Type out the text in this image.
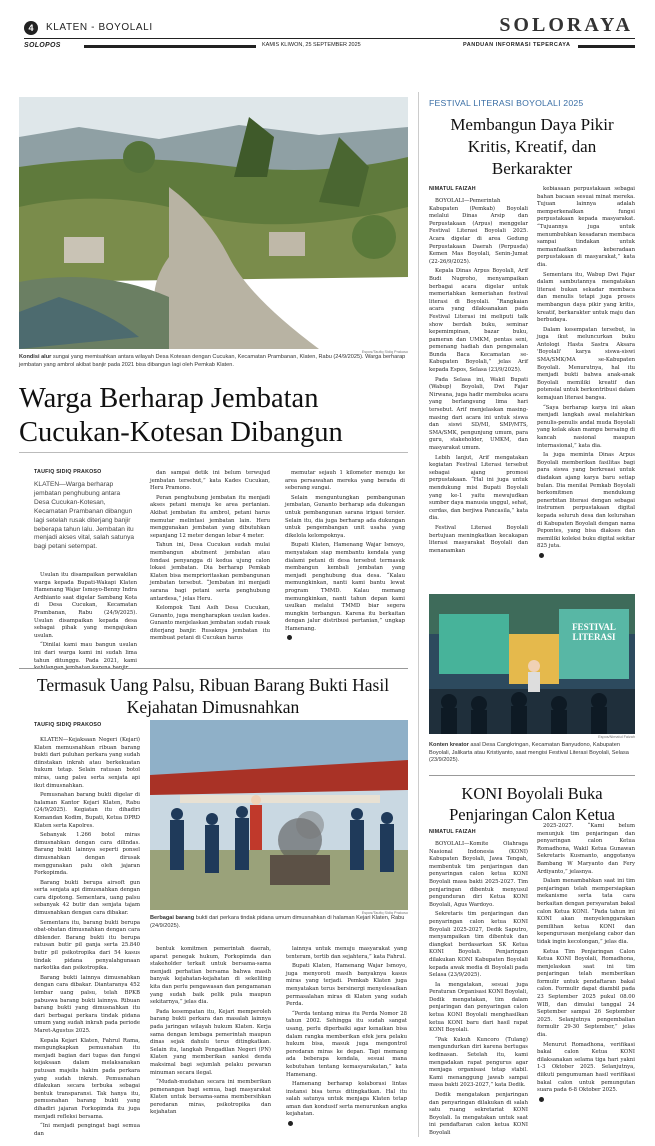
4	KLATEN - BOYOLALI	SOLORAYA
SOLOPOS	KAMIS KLIWON, 25 SEPTEMBER 2025	PANDUAN INFORMASI TEPERCAYA
Espos/Taufiq Sidiq Prakoso
Kondisi alur sungai yang memisahkan antara wilayah Desa Kotesan dengan Cucukan, Kecamatan Prambanan, Klaten, Rabu (24/9/2025). Warga berharap jembatan yang ambrol akibat banjir pada 2021 bisa dibangun lagi oleh Pemkab Klaten.
Warga Berharap Jembatan Cucukan-Kotesan Dibangun
TAUFIQ SIDIQ PRAKOSO
KLATEN—Warga berharap jembatan penghubung antara Desa Cucukan-Kotesan, Kecamatan Prambanan dibangun lagi setelah rusak diterjang banjir beberapa tahun lalu. Jembatan itu menjadi akses vital, salah satunya bagi petani setempat.

Usulan itu disampaikan perwakilan warga kepada Bupati-Wakapi Klaten Hamenang Wajar Ismoyo-Benny Indra Ardhianto saat digelar Sambang Kota di Desa Cucukan, Kecamatan Prambanan, Rabu (24/9/2025). Usulan disampaikan kepada desa sebagai pihak yang mengajukan usulan.

“Dinilai kami mau bangun usulan ini dari warga kami ini sudah lima tahun ditunggu. Pada 2021, kami

dan sampai detik ini belum terwujud jembatan tersebut,” kata Kades Cucukan, Heru Pramono.

Peran penghubung jembatan itu menjadi akses petani menuju ke area pertanian. Akibat jembatan itu ambrol, petani harus memutar melintasi jembatan lain. Heru menggunakan jembatan yang dibutuhkan sepanjang 12 meter dengan lebar 4 meter.

Tahun ini, Desa Cucukan sudah mulai membangun abutment jembatan atau fondasi penyangga di kedua ujung calon lokasi jembatan. Dia berharap Pemkab Klaten bisa memprioritaskan pembangunan jembatan tersebut. “Jembatan ini menjadi sarana bagi petani serta penghubung antardesa,” jelas Heru.

Kelompok Tani Asih Desa Cucukan, Gunanto, juga mengharapkan usulan kades. Gunanto menjelaskan jembatan sudah rusak diterjang banjir. Rusaknya jembatan itu membuat petani di Cucukan harus

memutar sejauh 1 kilometer menuju ke area persawahan mereka yang berada di seberang sungai.

Selain menguntungkan pembangunan jembatan, Gunanto berharap ada dukungan untuk pembangunan sarana irigasi tersier. Selain itu, dia juga berharap ada dukungan untuk pengembangan unit usaha yang dikelola kelompoknya.

Bupati Klaten, Hamenang Wajar Ismoyo, menyatakan siap membantu kendala yang dialami petani di desa tersebut termasuk membangun kembali jembatan yang menjadi penghubung dua desa. “Kalau memungkinkan, nanti kami bantu lewat program TMMD. Kalau memang memungkinkan, nanti tahun depan kami usulkan melalui TMMD biar segera mungkin terbangun. Karena itu berkaitan dengan jalur distribusi pertanian,” ungkap Hamenang.

Termasuk Uang Palsu, Ribuan Barang Bukti Hasil Kejahatan Dimusnahkan
TAUFIQ SIDIQ PRAKOSO

KLATEN—Kejaksaan Negeri (Kejari) Klaten memusnahkan ribuan barang bukti dari puluhan perkara yang sudah diinstakan inkrah atau berkekuatan hukum tetap. Selain ratusan botol miras, uang palsu serta senjata api ikut dimusnahkan.

Pemusnahan barang bukti digelar di halaman Kantor Kejari Klaten, Rabu (24/9/2025). Kegiatan itu dihadiri Komandan Kodim, Bupati, Ketua DPRD Klaten serta Kapolres.

Sebanyak 1.266 botol miras dimusnahkan dengan cara dilindas. Barang bukti lainnya seperti ponsel dimusnahkan dengan dirusak menggunakan palu oleh jajaran Forkopimda.

Barang bukti berupa airsoft gun serta senjata api dimusnahkan dengan cara dipotong. Sementara, uang palsu sebanyak 42 butir dan senjata tajam dimusnahkan dengan cara dibakar.

Sementara itu, barang bukti berupa obat-obatan dimusnahkan dengan cara diblender. Barang bukti itu berupa ratusan butir pil ganja serta 25.840 butir pil psikotropika dari 54 kasus tindak pidana penyalahgunaan narkotika dan psikotropika.

Barang bukti lainnya dimusnahkan dengan cara dibakar. Diantaranya 452 lembar uang palsu, telah BPKB pabuswa barang bukti lainnya. Ribuan barang bukti yang dimusnahkan itu dari berbagai perkara tindak pidana umum yang sudah inkrah pada periode Maret-Agustus 2025.

Kepala Kejari Klaten, Fahrul Rama, mengungkapkan pemusnahan itu menjadi bagian dari tugas dan fungsi kejaksaan dalam melaksanakan putusan majelis hakim pada perkara yang sudah inkrah. Pemusnahan dilakukan secara terbuka sebagai bentuk transparansi. Tak hanya itu, pemusnahan barang bukti yang dihadiri jajaran Forkopimda itu juga menjadi refleksi bersama.

“Ini menjadi pengingat bagi semua dan

Espos/Taufiq Sidiq Prakoso
Berbagai barang bukti dari perkara tindak pidana umum dimusnahkan di halaman Kejari Klaten, Rabu (24/9/2025).

bentuk komitmen pemerintah daerah, aparat penegak hukum, Forkopimda dan stakeholder terkait untuk bersama-sama menjadi perhatian bersama bahwa masih banyak kejahatan-kejahatan di sekeliling kita dan perlu pengawasan dan pengamanan yang sudah baik pelik pula maupun sekitarnya,” jelas dia.

Pada kesempatan itu, Kejari memperoleh barang bukti perkara dan masalah lainnya pada jaringan wilayah hukum Klaten. Kerja sama dengan lembaga pemerintah maupun dinas sejak dahulu terus ditingkatkan. Selain itu, langkah Pengadilan Negeri (PN) Klaten yang memberikan sanksi denda maksimal bagi sejumlah pelaku pewaran minuman secara ilegal.

“Mudah-mudahan secara ini memberikan pemenangan bagi semua, bagi masyarakat Klaten untuk bersama-sama membersihkan peredaran miras, psikotropika dan kejahatan

lainnya untuk menuju masyarakat yang tenteram, tertib dan sejahtera,” kata Fahrul.

Bupati Klaten, Hamenang Wajar Ismoyo, juga menyoroti masih banyaknya kasus miras yang terjadi. Pemkab Klaten juga menyatakan terus bersinergi menyelesaikan permasalahan miras di Klaten yang sudah Perda.

“Perda tentang miras itu Perda Nomor 28 tahun 2002. Sehingga itu sudah sangat usang, perlu diperbaiki agar kenaikan bisa dalam rangka memberikan efek jera pelaku hukum bisa, masuk juga mengontrol peredaran miras ke depan. Tapi memang ada beberapa kendala, sesuai mana kebutuhan tentang kemasyarakatan,” kata Hamenang.

Hamenang berharap kolaborasi lintas instansi bisa terus ditingkatkan. Hal itu salah satunya untuk menjaga Klaten tetap aman dan kondusif serta menurunkan angka kejahatan.

FESTIVAL LITERASI BOYOLALI 2025
Membangun Daya Pikir Kritis, Kreatif, dan Berkarakter
NIMATUL FAIZAH

BOYOLALI—Pemerintah Kabupaten (Pemkab) Boyolali melalui Dinas Arsip dan Perpustakaan (Arpus) menggelar Festival Literasi Boyolali 2025. Acara digelar di area Gedung Perpustakaan Daerah (Perpusda) Kemen Mas Boyolali, Senin-Jumat (22-26/9/2025).

Kepala Dinas Arpus Boyolali, Arif Budi Nugroho, menyampaikan berbagai acara digelar untuk memeriahkan kemeriahan festival literasi di Boyolali. “Rangkaian acara yang dilaksanakan pada Festival Literasi ini meliputi talk show berdah buku, seminar kepemimpinan, bazar buku, pameran dan UMKM, pentas seni, pemenang hadiah dan pengenalan Bunda Baca Kecamatan se-Kabupaten Boyolali,” jelas Arif kepada Espos, Selasa (23/9/2025).

Pada Selasa ini, Wakil Bupati (Wabup) Boyolali, Dwi Fajar Nirwana, juga hadir membuka acara yang berlangsung lima hari tersebut. Arif menjelaskan masing-masing dari acara ini untuk siswa dan siswi SD/MI, SMP/MTS, SMA/SMK, pengunjung umum, para guru, stakeholder, UMKM, dan masyarakat umum.

Lebih lanjut, Arif mengatakan kegiatan Festival Literasi tersebut sebagai ajang promosi perpustakaan. “Hal ini juga untuk mendukung misi Bupati Boyolali yang ke-1 yaitu mewujudkan sumber daya manusia unggul, sehat, cerdas, dan berjiwa Pancasila,” kata dia.

Festival Literasi Boyolali bertujuan meningkatkan kecakapan literasi masyarakat Boyolali dan menanamkan

kebiasaan perpustakaan sebagai bahan bacaan sesuai minat mereka. Tujuan lainnya adalah memperkenalkan fungsi perpustakaan kepada masyarakat. “Tujuannya juga untuk menumbuhkan kesadaran membaca sampai tindakan untuk memanfaatkan keberadaan perpustakaan di masyarakat,” kata dia.

Sementara itu, Wabup Dwi Fajar dalam sambutannya mengatakan literasi bukan sekadar membaca dan menulis tetapi juga proses membangun daya pikir yang kritis, kreatif, berkarakter untuk maju dan berbudaya.

Dalam kesempatan tersebut, ia juga ikut meluncurkan buku Antologi Hasta Sastra Aksara 'Boyolali' karya siswa-siswi SMA/SMK/MA se-Kabupaten Boyolali. Menurutnya, hal itu menjadi bukti bahwa anak-anak Boyolali memiliki kreatif dan potensial untuk berkontribusi dalam kemajuan literasi bangsa.

“Saya berharap karya ini akan menjadi langkah awal melahirkan penulis-penulis andal muda Boyolali yang kelak akan mampu bersaing di kancah nasional maupun internasional,” kata dia.

Ia juga meminta Dinas Arpus Boyolali memberikan fasilitas bagi para siswa yang berkreasi untuk diadakan ajang karya baru setiap bulan. Dia menilai Pemkab Boyolali berkomitmen mendukung penerbitan literasi dengan sebagai instrumen perpustakaan digital kepada seluruh desa dan kelurahan di Kabupaten Boyolali dengan nama Pepontes, yang bisa diakses dan memiliki koleksi buku digital sekitar 825 juta.

FESTIVAL LITERASI
Espos/Nimatul Faizah
Konten kreator asal Desa Cangkringan, Kecamatan Banyudono, Kabupaten Boyolali, Jalikarta atau Kristiyanto, saat mengisi Festival Literasi Boyolali, Selasa (23/9/2025).
KONI Boyolali Buka Penjaringan Calon Ketua
NIMATUL FAIZAH

BOYOLALI—Komite Olahraga Nasional Indonesia (KONI) Kabupaten Boyolali, Jawa Tengah, membentuk tim penjaringan dan penyaringan calon ketua KONI Boyolali masa bakti 2025-2027. Tim penjaringan dibentuk menyusul pengunduran diri Ketua KONI Boyolali, Agus Wardoyo.

Sekretaris tim penjaringan dan penyaringan calon ketua KONI Boyolali 2025-2027, Dedik Saputro, menyampaikan tim dibentuk dan diangkat berdasarkan SK Ketua KONI Boyolali. Penjaringan dilakukan KONI Kabupaten Boyolali kepada awak media di Boyolali pada Selasa (23/9/2025).

Ia mengatakan, sesuai juga Peraturan Organisasi KONI Boyolali, Dedik mengatakan, tim dalam penjaringan dan penyaringan calon ketua KONI Boyolali menghasilkan ketua KONI baru dari hasil rapat KONI Boyolali.

“Pak Kukuh Kuncoro (Tulang) mengundurkan diri karena bertugas kedinasan. Setelah itu, kami mengadakan rapat pengurus agar menjaga organisasi tetap stabil. Kami menanggung jawab sampai masa bakti 2023-2027,” kata Dedik.

Dedik mengatakan penjaringan dan penyaringan dilakukan di salah satu ruang sekretariat KONI Boyolali. Ia mengatakan untuk saat ini pendaftaran calon ketua KONI Boyolali

2025-2027. “Kami belum menunjuk tim penjaringan dan penyaringan calon Ketua Romadhona, Wakil Ketua Gunawan Sekretaris Kusmanto, anggotanya Bambang W Maryanto dan Fery Ardiyanto,” jelasnya.

Dalam menambahkan saat ini tim penjaringan telah mempersiapkan mekanisme serta tata cara berkaitan dengan persyaratan bakal calon Ketua KONI. “Pada tahun ini KONI akan menyelenggarakan pemilihan ketua KONI dan kepengurusan menjelang cabor dan tidak ingin kecolongan,” jelas dia.

Ketua Tim Penjaringan Calon Ketua KONI Boyolali, Romadhona, menjelaskan saat ini tim penjaringan telah memberikan formulir untuk pendaftaran bakal calon. Formulir dapat diambil pada 23 September 2025 pukul 08.00 WIB, dan dimulai tanggal 24 September sampai 26 September 2025. Selanjutnya pengembalian formulir 29-30 September,” jelas dia.

Menurut Romadhona, verifikasi bakal calon Ketua KONI dilaksanakan selama tiga hari yakni 1-3 Oktober 2025. Selanjutnya, diikuti pengumuman hasil verifikasi bakal calon untuk pemungutan suara pada 6-8 Oktober 2025.
